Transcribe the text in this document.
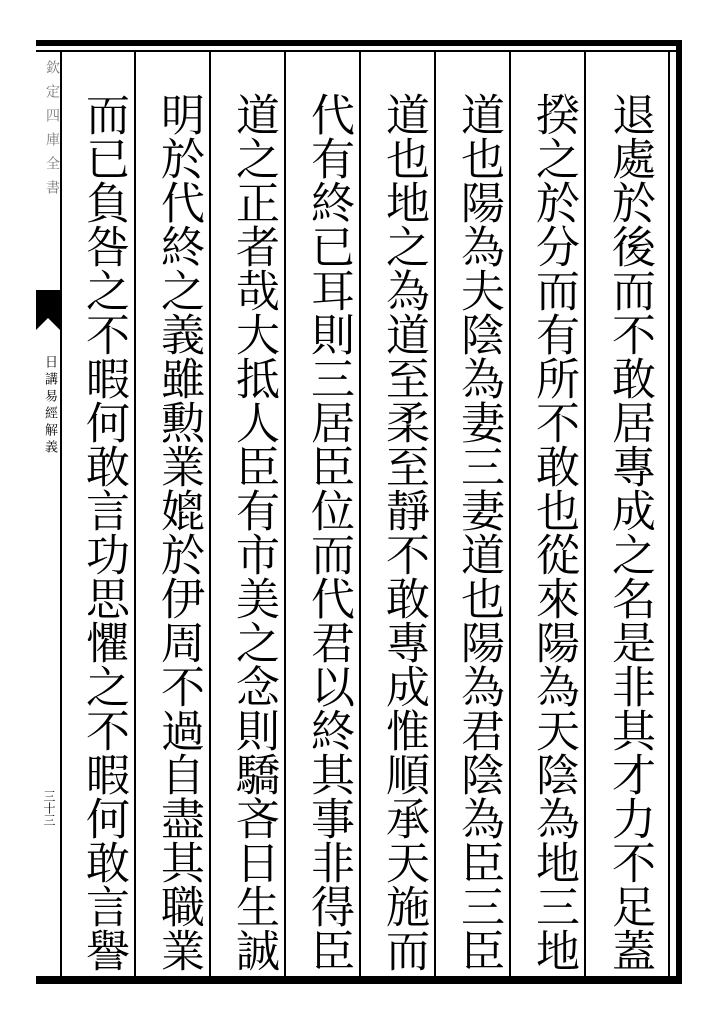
欽定四庫全書
日講易經解義
三十三	退處於後而不敢居專成之名是非其才力不足蓋
揆之於分而有所不敢也從來陽為天陰為地三地
道也陽為夫陰為妻三妻道也陽為君陰為臣三臣
道也地之為道至柔至靜不敢專成惟順承天施而
代有終已耳則三居臣位而代君以終其事非得臣
道之正者哉大抵人臣有市美之念則驕吝日生誠
明於代終之義雖勲業媲於伊周不過自盡其職業
而已負咎之不暇何敢言功思懼之不暇何敢言譽
